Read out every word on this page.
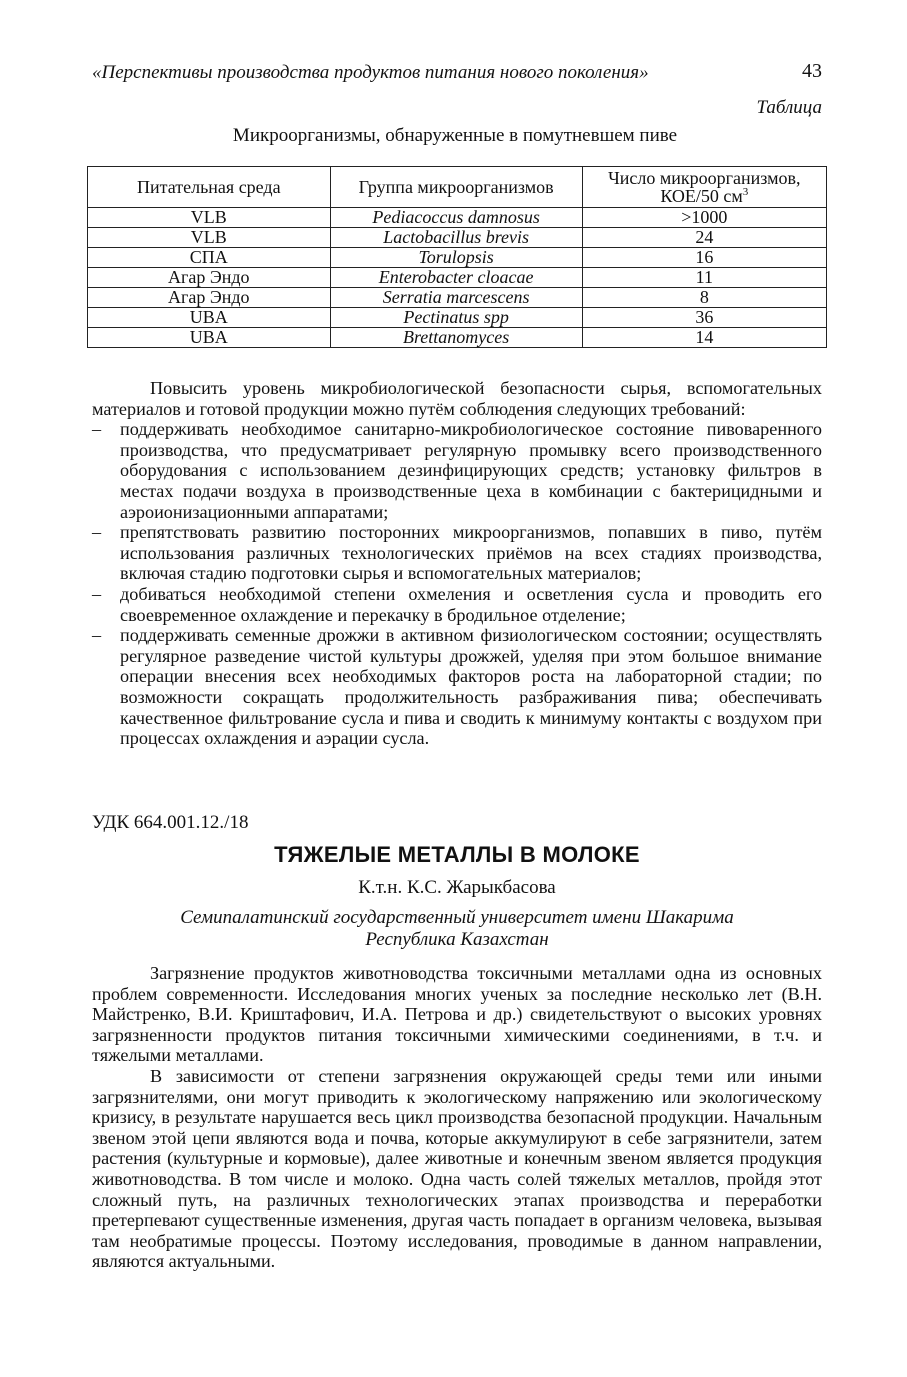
«Перспективы производства продуктов питания нового поколения»	43
Таблица
Микроорганизмы, обнаруженные в помутневшем пиве
Питательная среда	Группа микроорганизмов	Число микроорганизмов, КОЕ/50 $см^3$
VLB	Pediacoccus damnosus	>1000
VLB	Lactobacillus brevis	24
СПА	Torulopsis	16
Агар Эндо	Enterobacter cloacae	11
Агар Эндо	Serratia marcescens	8
UBA	Pectinatus spp	36
UBA	Brettanomyces	14

Повысить уровень микробиологической безопасности сырья, вспомогательных материалов и готовой продукции можно путём соблюдения следующих требований:

– поддерживать необходимое санитарно-микробиологическое состояние пивоваренного производства, что предусматривает регулярную промывку всего производственного оборудования с использованием дезинфицирующих средств; установку фильтров в местах подачи воздуха в производственные цеха в комбинации с бактерицидными и аэроионизационными аппаратами;
– препятствовать развитию посторонних микроорганизмов, попавших в пиво, путём использования различных технологических приёмов на всех стадиях производства, включая стадию подготовки сырья и вспомогательных материалов;
– добиваться необходимой степени охмеления и осветления сусла и проводить его своевременное охлаждение и перекачку в бродильное отделение;
– поддерживать семенные дрожжи в активном физиологическом состоянии; осуществлять регулярное разведение чистой культуры дрожжей, уделяя при этом большое внимание операции внесения всех необходимых факторов роста на лабораторной стадии; по возможности сокращать продолжительность разбраживания пива; обеспечивать качественное фильтрование сусла и пива и сводить к минимуму контакты с воздухом при процессах охлаждения и аэрации сусла.
УДК 664.001.12./18
ТЯЖЕЛЫЕ МЕТАЛЛЫ В МОЛОКЕ
К.т.н. К.С. Жарыкбасова
Семипалатинский государственный университет имени Шакарима
Республика Казахстан

Загрязнение продуктов животноводства токсичными металлами одна из основных проблем современности. Исследования многих ученых за последние несколько лет (В.Н. Майстренко, В.И. Криштафович, И.А. Петрова и др.) свидетельствуют о высоких уровнях загрязненности продуктов питания токсичными химическими соединениями, в т.ч. и тяжелыми металлами.

В зависимости от степени загрязнения окружающей среды теми или иными загрязнителями, они могут приводить к экологическому напряжению или экологическому кризису, в результате нарушается весь цикл производства безопасной продукции. Начальным звеном этой цепи являются вода и почва, которые аккумулируют в себе загрязнители, затем растения (культурные и кормовые), далее животные и конечным звеном является продукция животноводства. В том числе и молоко. Одна часть солей тяжелых металлов, пройдя этот сложный путь, на различных технологических этапах производства и переработки претерпевают существенные изменения, другая часть попадает в организм человека, вызывая там необратимые процессы. Поэтому исследования, проводимые в данном направлении, являются актуальными.
